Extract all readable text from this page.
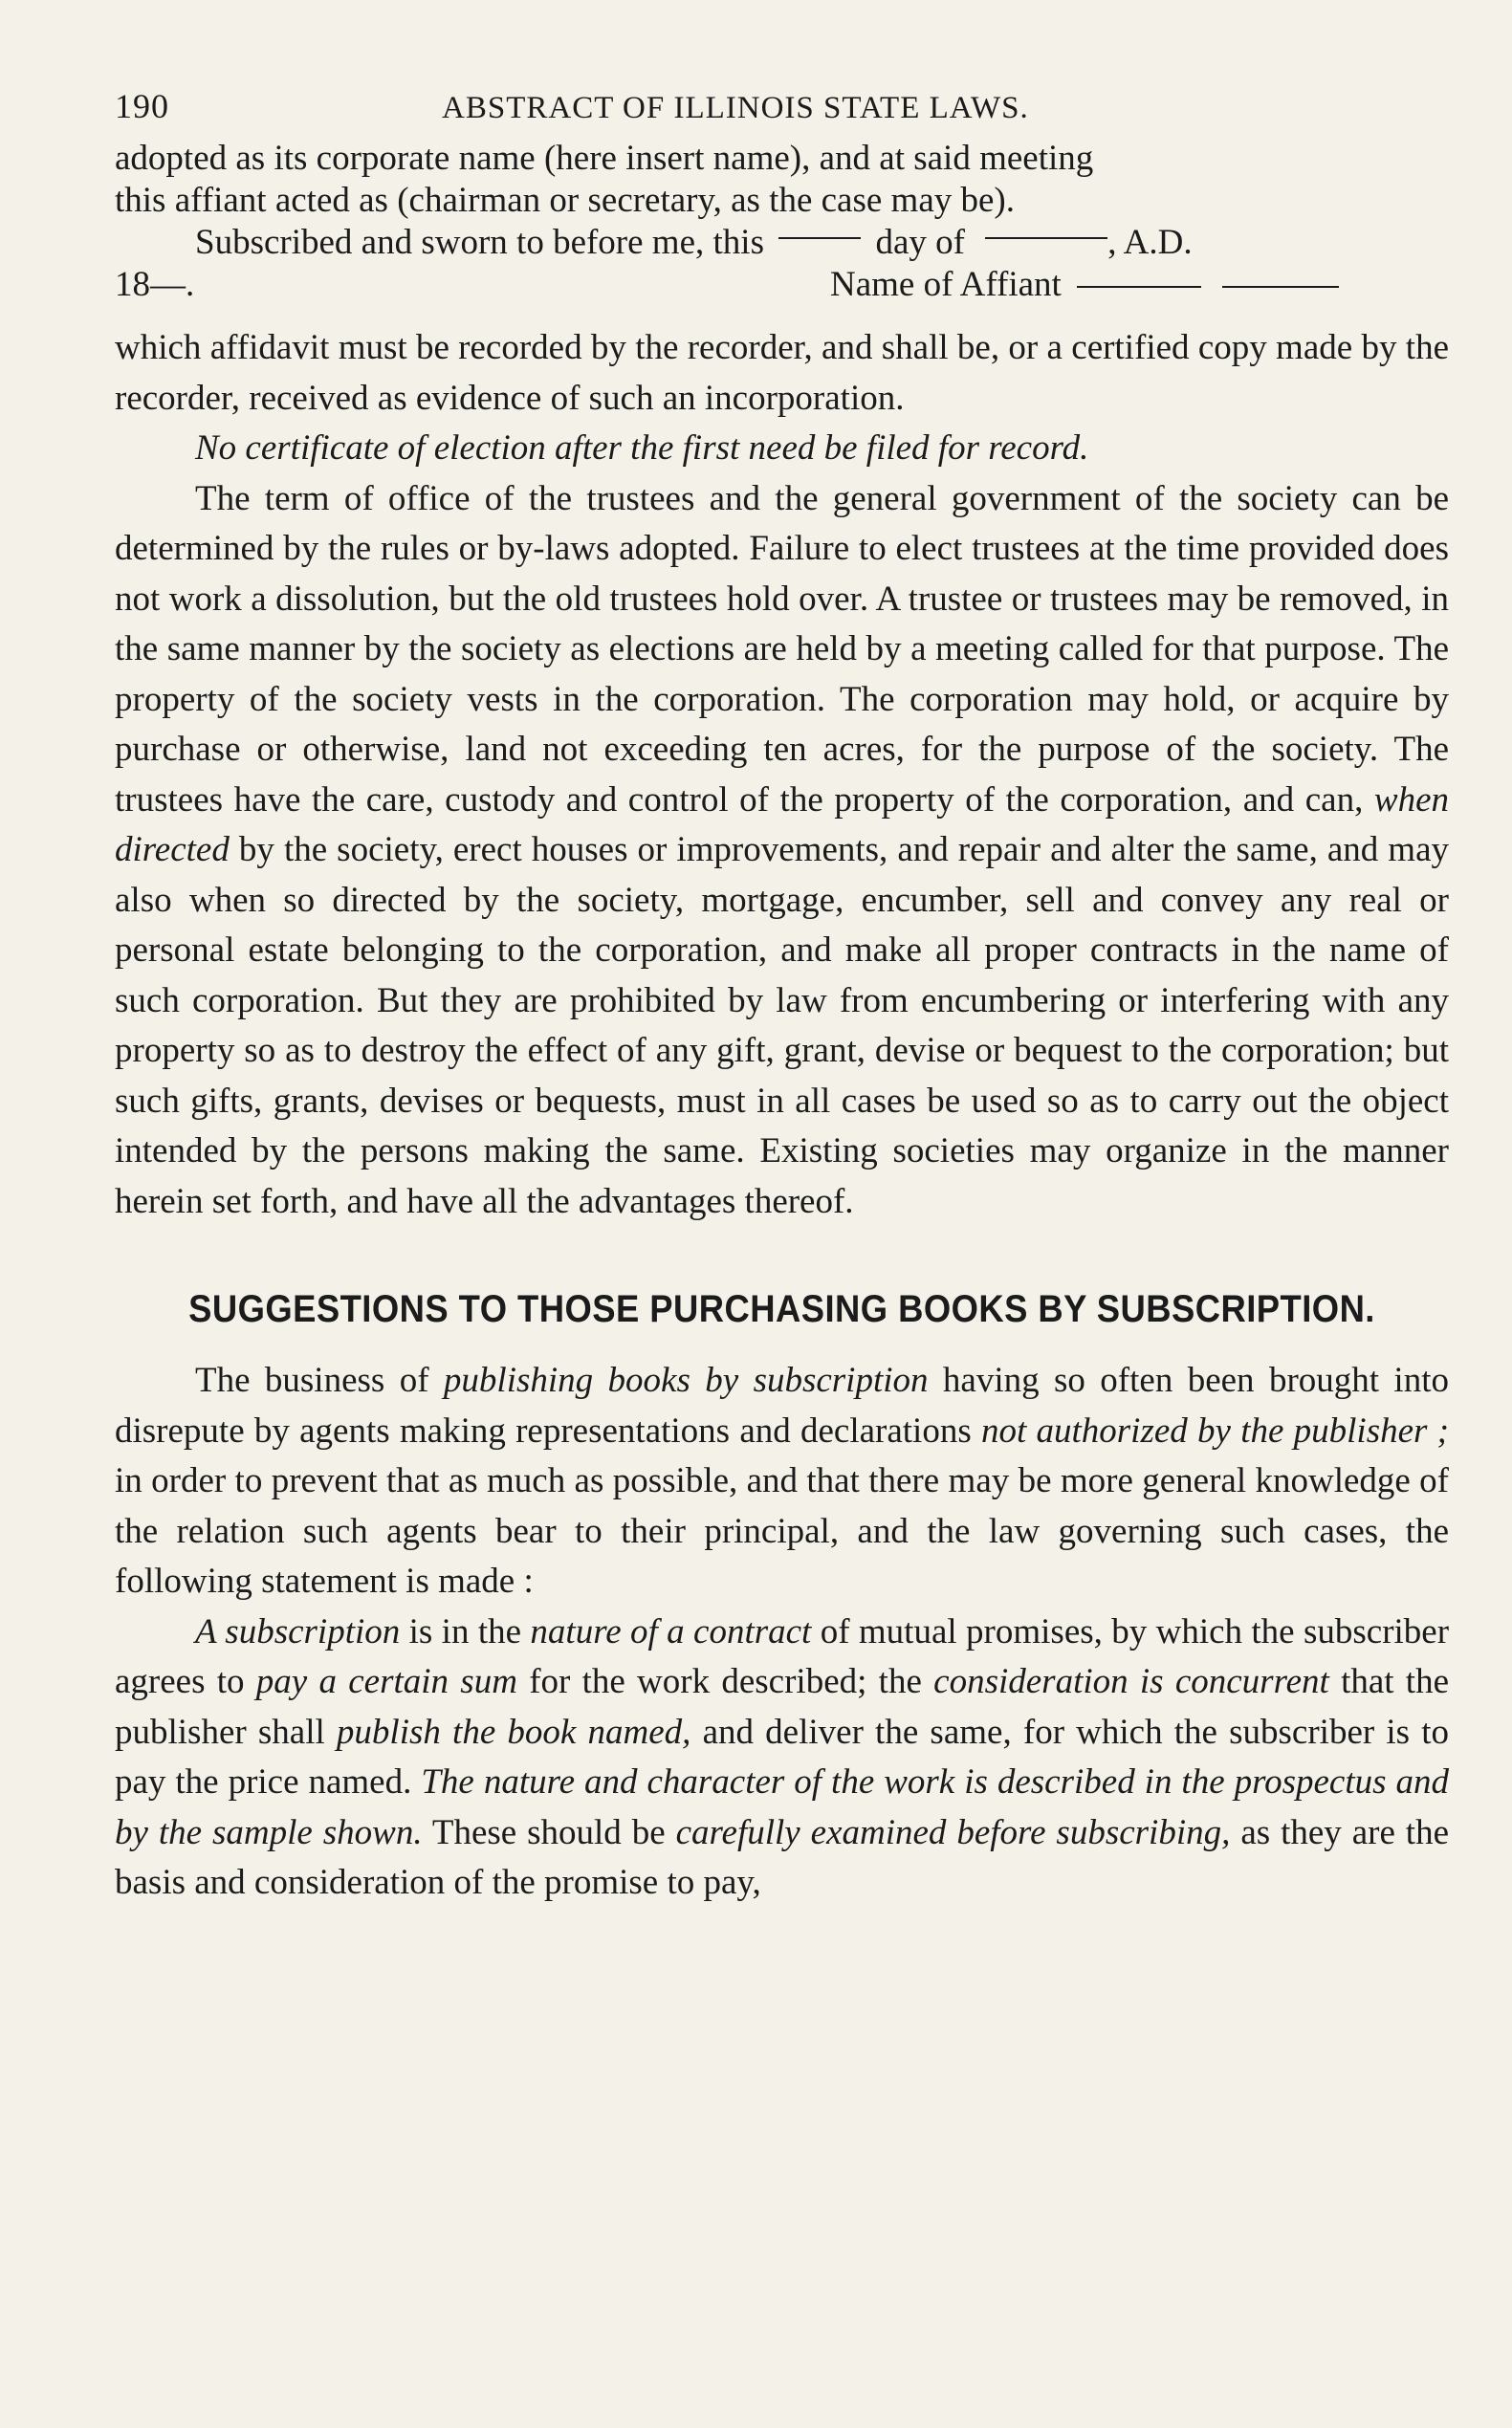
190	ABSTRACT OF ILLINOIS STATE LAWS.
adopted as its corporate name (here insert name), and at said meeting
this affiant acted as (chairman or secretary, as the case may be).
Subscribed and sworn to before me, this	day of	, A.D.
18—.	Name of Affiant

which affidavit must be recorded by the recorder, and shall be, or a certified copy made by the recorder, received as evidence of such an incorporation.

No certificate of election after the first need be filed for record.

The term of office of the trustees and the general government of the society can be determined by the rules or by-laws adopted. Failure to elect trustees at the time provided does not work a dissolution, but the old trustees hold over. A trustee or trustees may be removed, in the same manner by the society as elections are held by a meeting called for that purpose. The property of the society vests in the corporation. The corporation may hold, or acquire by purchase or otherwise, land not exceeding ten acres, for the purpose of the society. The trustees have the care, custody and control of the property of the corporation, and can, when directed by the society, erect houses or improvements, and repair and alter the same, and may also when so directed by the society, mortgage, encumber, sell and convey any real or personal estate belonging to the corporation, and make all proper contracts in the name of such corporation. But they are prohibited by law from encumbering or interfering with any property so as to destroy the effect of any gift, grant, devise or bequest to the corporation; but such gifts, grants, devises or bequests, must in all cases be used so as to carry out the object intended by the persons making the same. Existing societies may organize in the manner herein set forth, and have all the advantages thereof.

SUGGESTIONS TO THOSE PURCHASING BOOKS BY SUBSCRIPTION.

The business of publishing books by subscription having so often been brought into disrepute by agents making representations and declarations not authorized by the publisher ; in order to prevent that as much as possible, and that there may be more general knowledge of the relation such agents bear to their principal, and the law governing such cases, the following statement is made :

A subscription is in the nature of a contract of mutual promises, by which the subscriber agrees to pay a certain sum for the work described; the consideration is concurrent that the publisher shall publish the book named, and deliver the same, for which the subscriber is to pay the price named. The nature and character of the work is described in the prospectus and by the sample shown. These should be carefully examined before subscribing, as they are the basis and consideration of the promise to pay,
